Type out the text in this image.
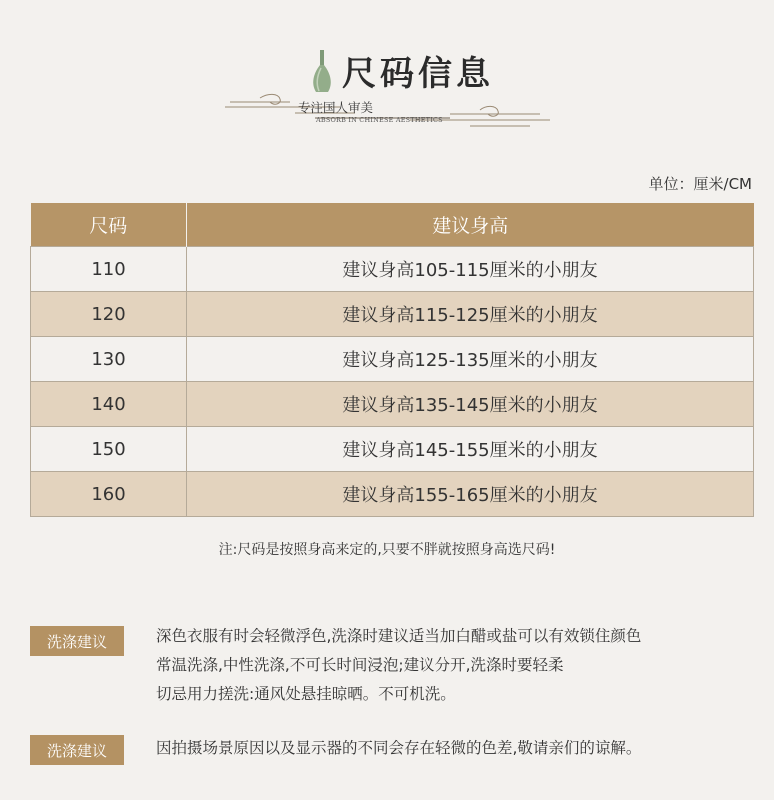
尺码信息
专注国人审美
ABSORB IN CHINESE AESTHETICS
单位：厘米/CM
尺码	建议身高
110	建议身高105-115厘米的小朋友
120	建议身高115-125厘米的小朋友
130	建议身高125-135厘米的小朋友
140	建议身高135-145厘米的小朋友
150	建议身高145-155厘米的小朋友
160	建议身高155-165厘米的小朋友
注:尺码是按照身高来定的,只要不胖就按照身高选尺码!
洗涤建议	深色衣服有时会轻微浮色,洗涤时建议适当加白醋或盐可以有效锁住颜色
常温洗涤,中性洗涤,不可长时间浸泡;建议分开,洗涤时要轻柔
切忌用力搓洗:通风处悬挂晾晒。不可机洗。
洗涤建议	因拍摄场景原因以及显示器的不同会存在轻微的色差,敬请亲们的谅解。
